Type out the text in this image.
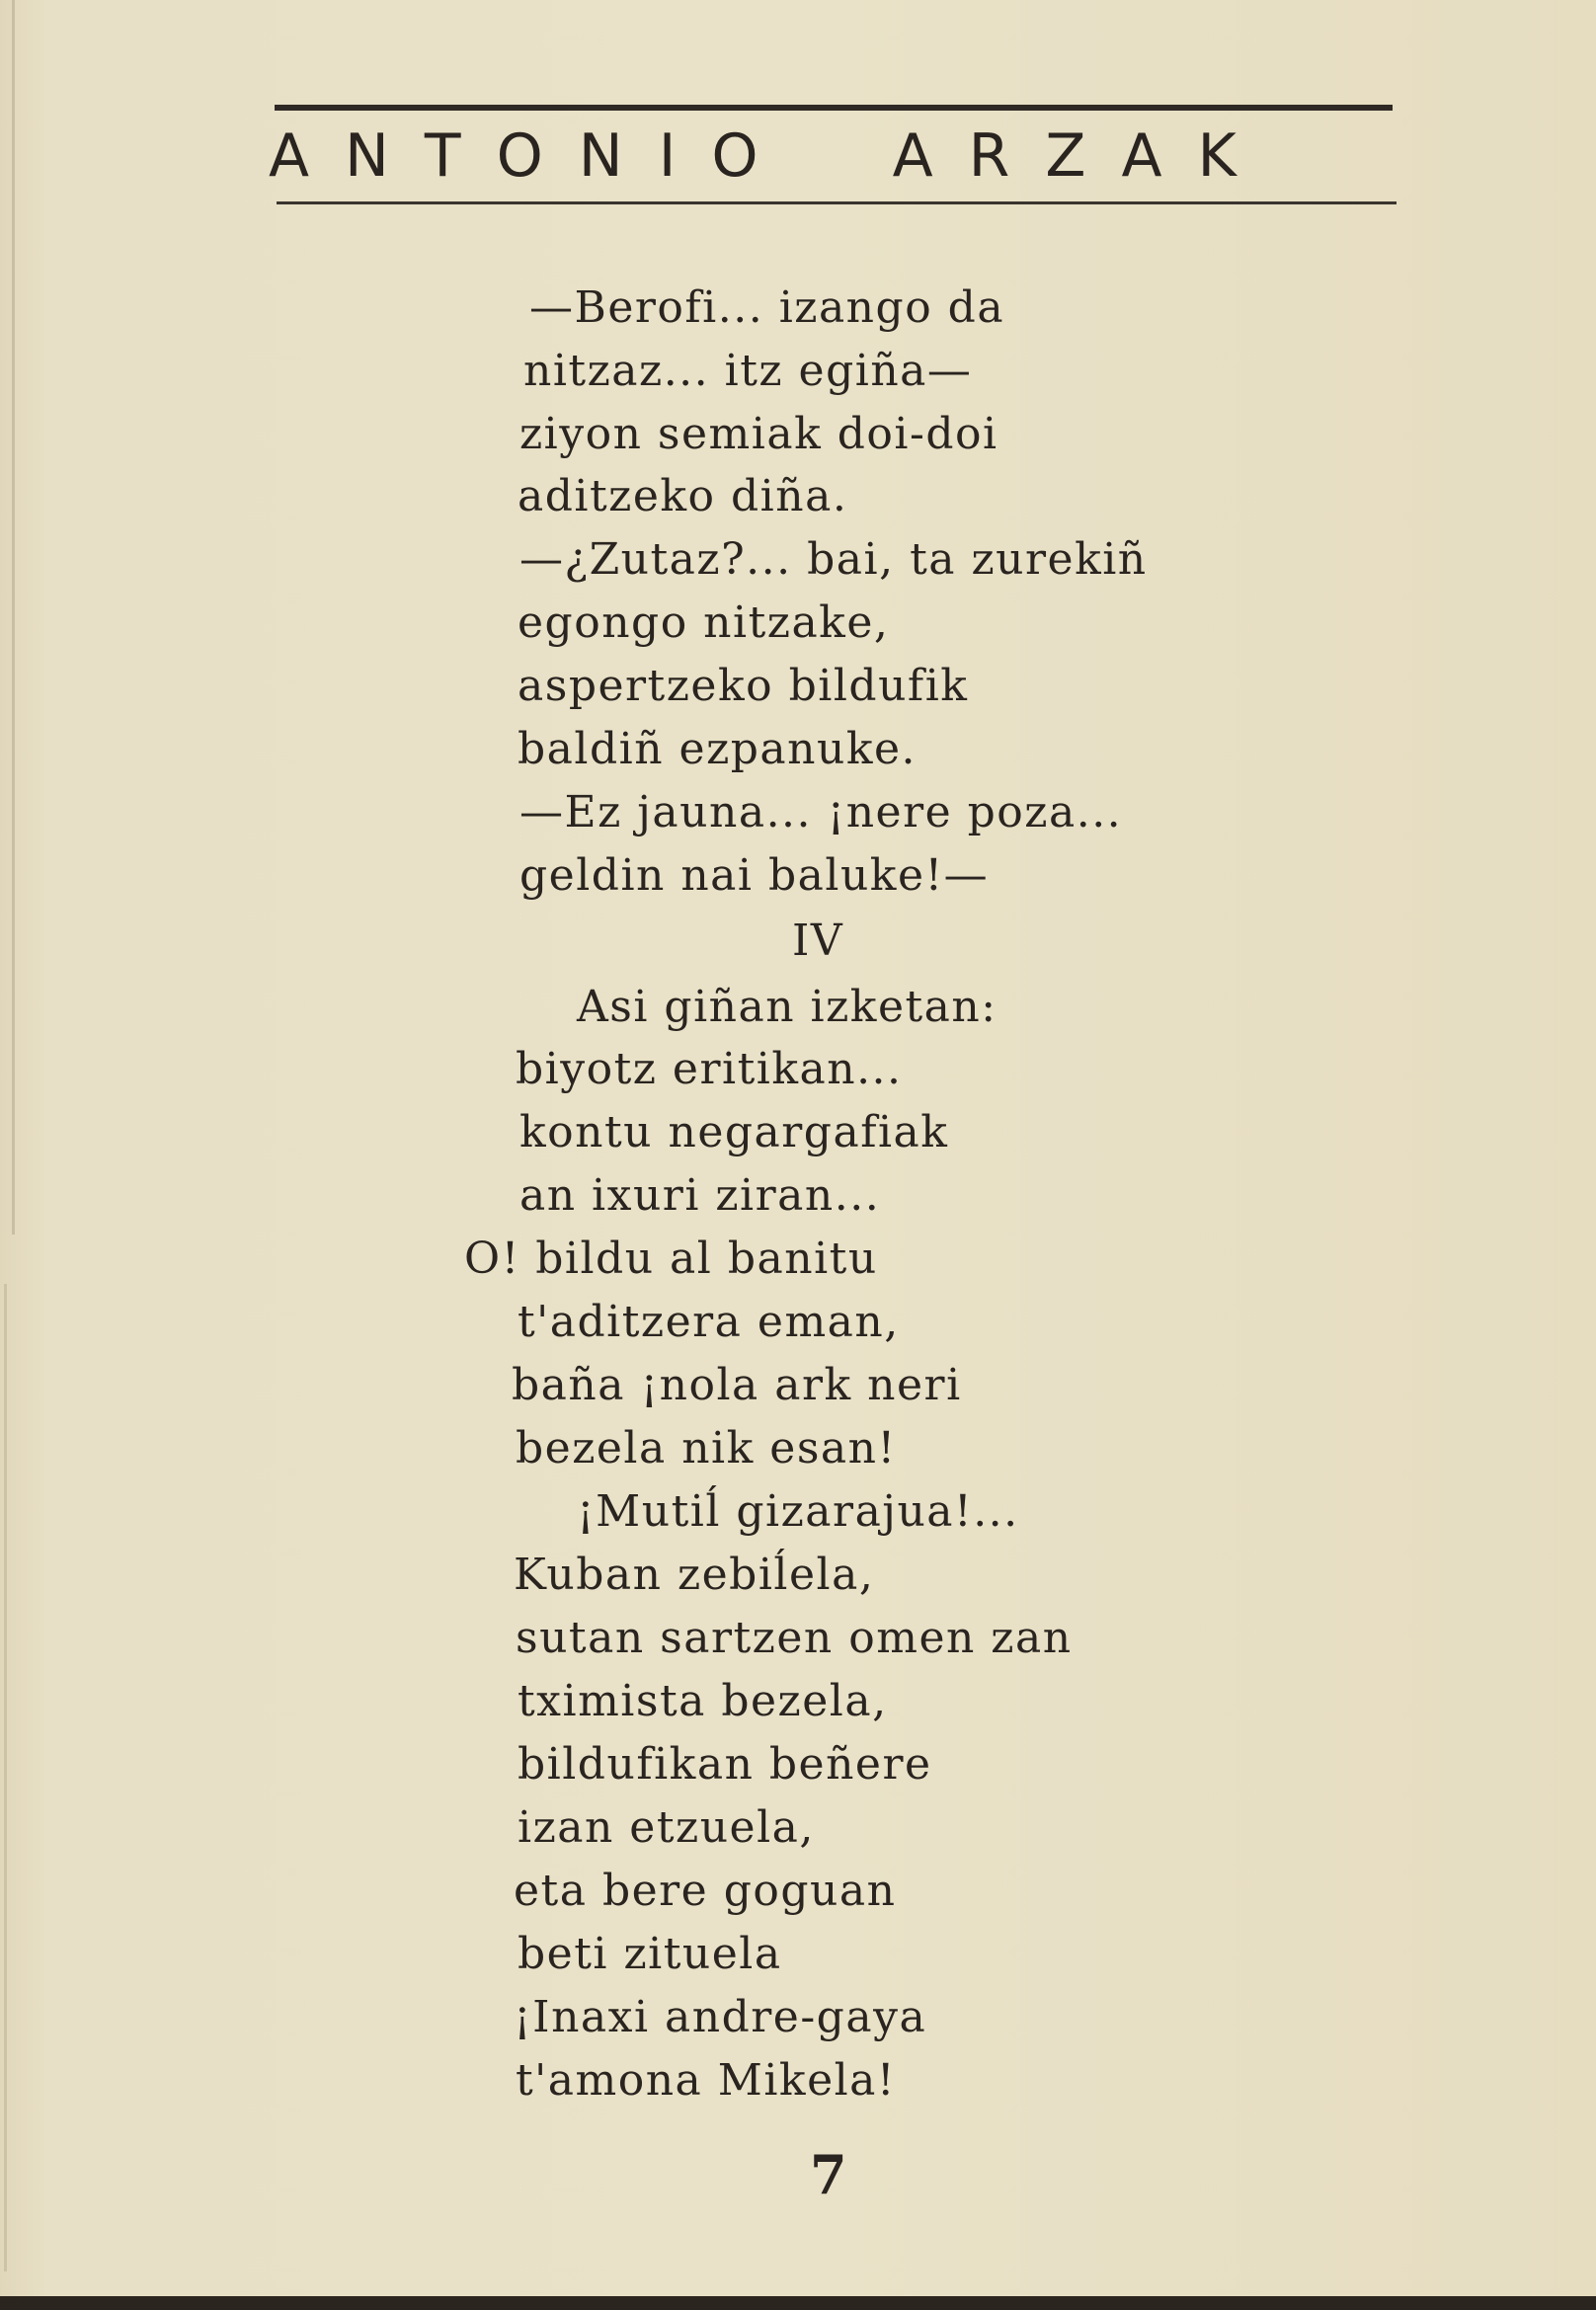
ANTONIO ARZAK
—Berofi... izango da
nitzaz... itz egiña—
ziyon semiak doi-doi
aditzeko diña.
—¿Zutaz?... bai, ta zurekiñ
egongo nitzake,
aspertzeko bildufik
baldiñ ezpanuke.
—Ez jauna... ¡nere poza...
geldin nai baluke!—
IV
Asi giñan izketan:
biyotz eritikan...
kontu negargafiak
an ixuri ziran...
O! bildu al banitu
t'aditzera eman,
baña ¡nola ark neri
bezela nik esan!
¡Mutiĺ gizarajua!...
Kuban zebiĺela,
sutan sartzen omen zan
tximista bezela,
bildufikan beñere
izan etzuela,
eta bere goguan
beti zituela
¡Inaxi andre-gaya
t'amona Mikela!
7
